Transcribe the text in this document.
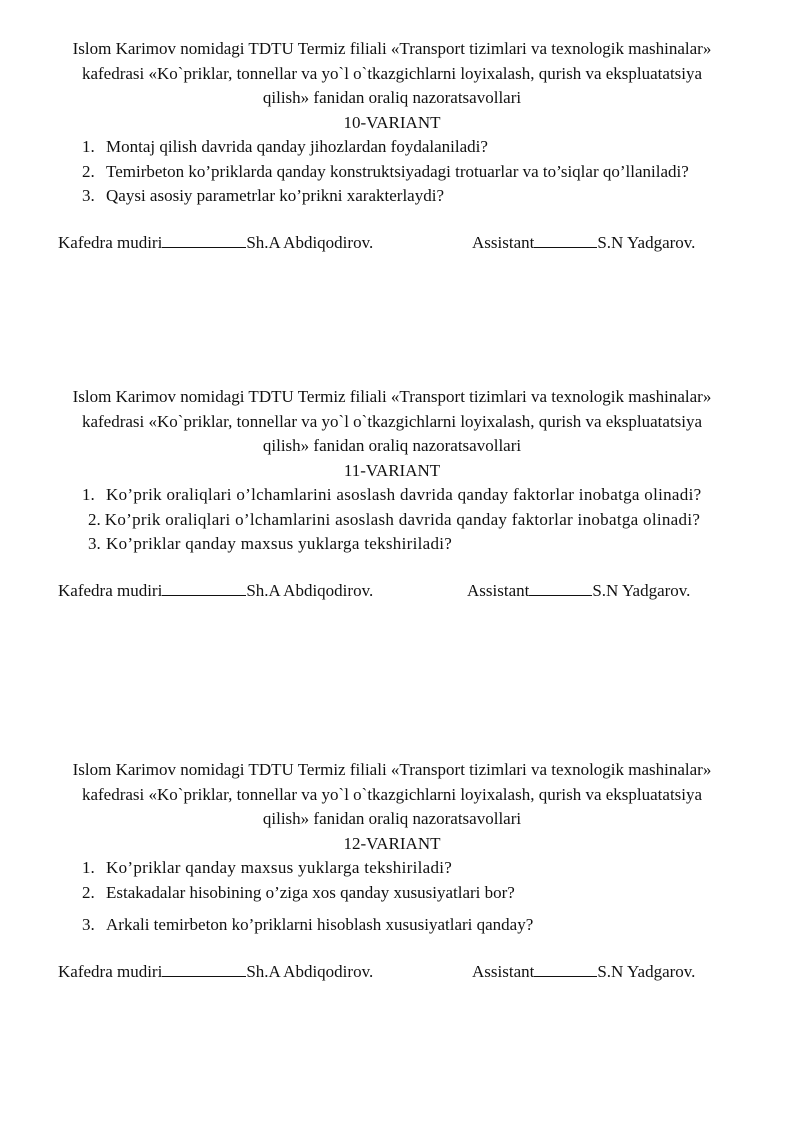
Islom Karimov nomidagi TDTU Termiz filiali «Transport tizimlari va texnologik mashinalar» kafedrasi «Ko`priklar, tonnellar va yo`l o`tkazgichlarni loyixalash, qurish va ekspluatatsiya qilish» fanidan oraliq nazoratsavollari
10-VARIANT
1. Montaj qilish davrida qanday jihozlardan foydalaniladi?
2. Temirbeton ko’priklarda qanday konstruktsiyadagi trotuarlar va to’siqlar qo’llaniladi?
3. Qaysi asosiy parametrlar ko’prikni xarakterlaydi?
Kafedra mudiri	Sh.A Abdiqodirov.	Assistant	S.N Yadgarov.
Islom Karimov nomidagi TDTU Termiz filiali «Transport tizimlari va texnologik mashinalar» kafedrasi «Ko`priklar, tonnellar va yo`l o`tkazgichlarni loyixalash, qurish va ekspluatatsiya qilish» fanidan oraliq nazoratsavollari
11-VARIANT
1. Ko’prik oraliqlari o’lchamlarini asoslash davrida qanday faktorlar inobatga olinadi?
2. Ko’prik oraliqlari o’lchamlarini asoslash davrida qanday faktorlar inobatga olinadi?
3. Ko’priklar qanday maxsus yuklarga tekshiriladi?
Kafedra mudiri	Sh.A Abdiqodirov.	Assistant	S.N Yadgarov.
Islom Karimov nomidagi TDTU Termiz filiali «Transport tizimlari va texnologik mashinalar» kafedrasi «Ko`priklar, tonnellar va yo`l o`tkazgichlarni loyixalash, qurish va ekspluatatsiya qilish» fanidan oraliq nazoratsavollari
12-VARIANT
1. Ko’priklar qanday maxsus yuklarga tekshiriladi?
2. Estakadalar hisobining o’ziga xos qanday xususiyatlari bor?
3. Arkali temirbeton ko’priklarni hisoblash xususiyatlari qanday?
Kafedra mudiri	Sh.A Abdiqodirov.	Assistant	S.N Yadgarov.
